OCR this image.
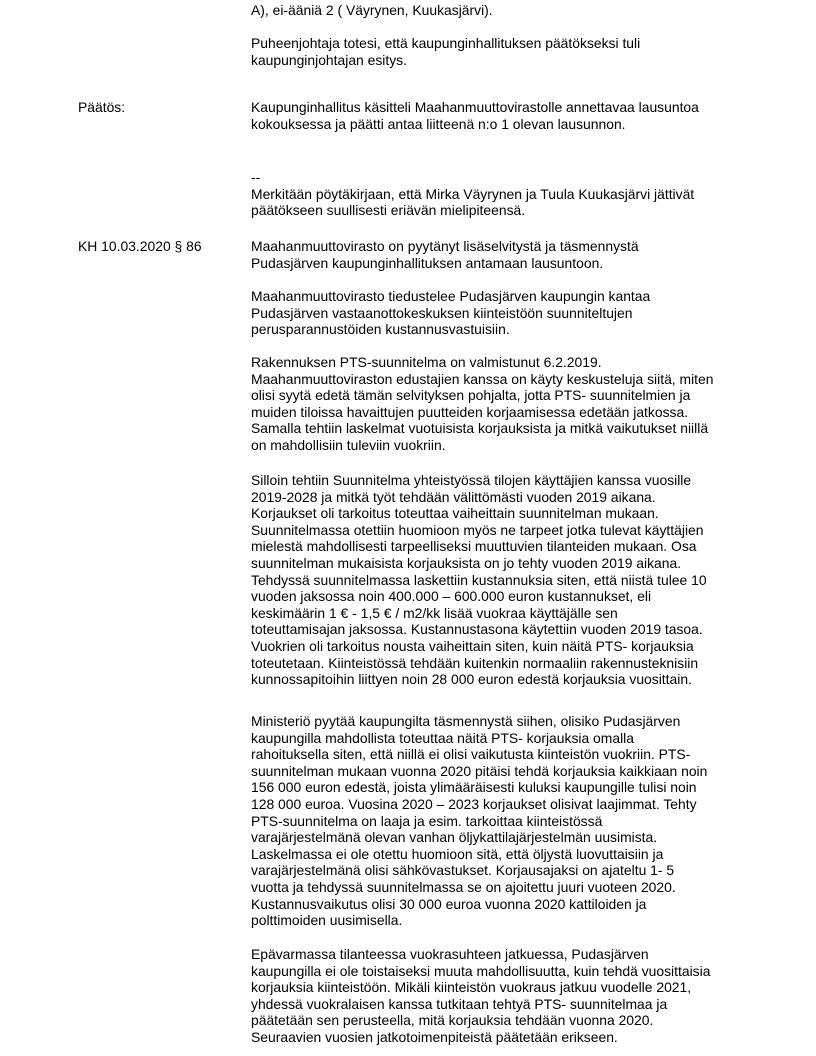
Päätös:
KH 10.03.2020 § 86
A), ei-ääniä 2 ( Väyrynen, Kuukasjärvi).
Puheenjohtaja totesi, että kaupunginhallituksen päätökseksi tuli
kaupunginjohtajan esitys.
Kaupunginhallitus käsitteli Maahanmuuttovirastolle annettavaa lausuntoa
kokouksessa ja päätti antaa liitteenä n:o 1 olevan lausunnon.
--
Merkitään pöytäkirjaan, että Mirka Väyrynen ja Tuula Kuukasjärvi jättivät
päätökseen suullisesti eriävän mielipiteensä.
Maahanmuuttovirasto on pyytänyt lisäselvitystä ja täsmennystä
Pudasjärven kaupunginhallituksen antamaan lausuntoon.
Maahanmuuttovirasto tiedustelee Pudasjärven kaupungin kantaa
Pudasjärven vastaanottokeskuksen kiinteistöön suunniteltujen
perusparannustöiden kustannusvastuisiin.
Rakennuksen PTS-suunnitelma on valmistunut 6.2.2019.
Maahanmuuttoviraston edustajien kanssa on käyty keskusteluja siitä, miten
olisi syytä edetä tämän selvityksen pohjalta, jotta PTS- suunnitelmien ja
muiden tiloissa havaittujen puutteiden korjaamisessa edetään jatkossa.
Samalla tehtiin laskelmat vuotuisista korjauksista ja mitkä vaikutukset niillä
on mahdollisiin tuleviin vuokriin.
Silloin tehtiin Suunnitelma yhteistyössä tilojen käyttäjien kanssa vuosille
2019-2028 ja mitkä työt tehdään välittömästi vuoden 2019 aikana.
Korjaukset oli tarkoitus toteuttaa vaiheittain suunnitelman mukaan.
Suunnitelmassa otettiin huomioon myös ne tarpeet jotka tulevat käyttäjien
mielestä mahdollisesti tarpeelliseksi muuttuvien tilanteiden mukaan. Osa
suunnitelman mukaisista korjauksista on jo tehty vuoden 2019 aikana.
Tehdyssä suunnitelmassa laskettiin kustannuksia siten, että niistä tulee 10
vuoden jaksossa noin 400.000 – 600.000 euron kustannukset, eli
keskimäärin 1 € - 1,5 € / m2/kk lisää vuokraa käyttäjälle sen
toteuttamisajan jaksossa. Kustannustasona käytettiin vuoden 2019 tasoa.
Vuokrien oli tarkoitus nousta vaiheittain siten, kuin näitä PTS- korjauksia
toteutetaan. Kiinteistössä tehdään kuitenkin normaaliin rakennusteknisiin
kunnossapitoihin liittyen noin 28 000 euron edestä korjauksia vuosittain.
Ministeriö pyytää kaupungilta täsmennystä siihen, olisiko Pudasjärven
kaupungilla mahdollista toteuttaa näitä PTS- korjauksia omalla
rahoituksella siten, että niillä ei olisi vaikutusta kiinteistön vuokriin. PTS-
suunnitelman mukaan vuonna 2020 pitäisi tehdä korjauksia kaikkiaan noin
156 000 euron edestä, joista ylimääräisesti kuluksi kaupungille tulisi noin
128 000 euroa. Vuosina 2020 – 2023 korjaukset olisivat laajimmat. Tehty
PTS-suunnitelma on laaja ja esim. tarkoittaa kiinteistössä
varajärjestelmänä olevan vanhan öljykattilajärjestelmän uusimista.
Laskelmassa ei ole otettu huomioon sitä, että öljystä luovuttaisiin ja
varajärjestelmänä olisi sähkövastukset. Korjausajaksi on ajateltu 1- 5
vuotta ja tehdyssä suunnitelmassa se on ajoitettu juuri vuoteen 2020.
Kustannusvaikutus olisi 30 000 euroa vuonna 2020 kattiloiden ja
polttimoiden uusimisella.
Epävarmassa tilanteessa vuokrasuhteen jatkuessa, Pudasjärven
kaupungilla ei ole toistaiseksi muuta mahdollisuutta, kuin tehdä vuosittaisia
korjauksia kiinteistöön. Mikäli kiinteistön vuokraus jatkuu vuodelle 2021,
yhdessä vuokralaisen kanssa tutkitaan tehtyä PTS- suunnitelmaa ja
päätetään sen perusteella, mitä korjauksia tehdään vuonna 2020.
Seuraavien vuosien jatkotoimenpiteistä päätetään erikseen.
